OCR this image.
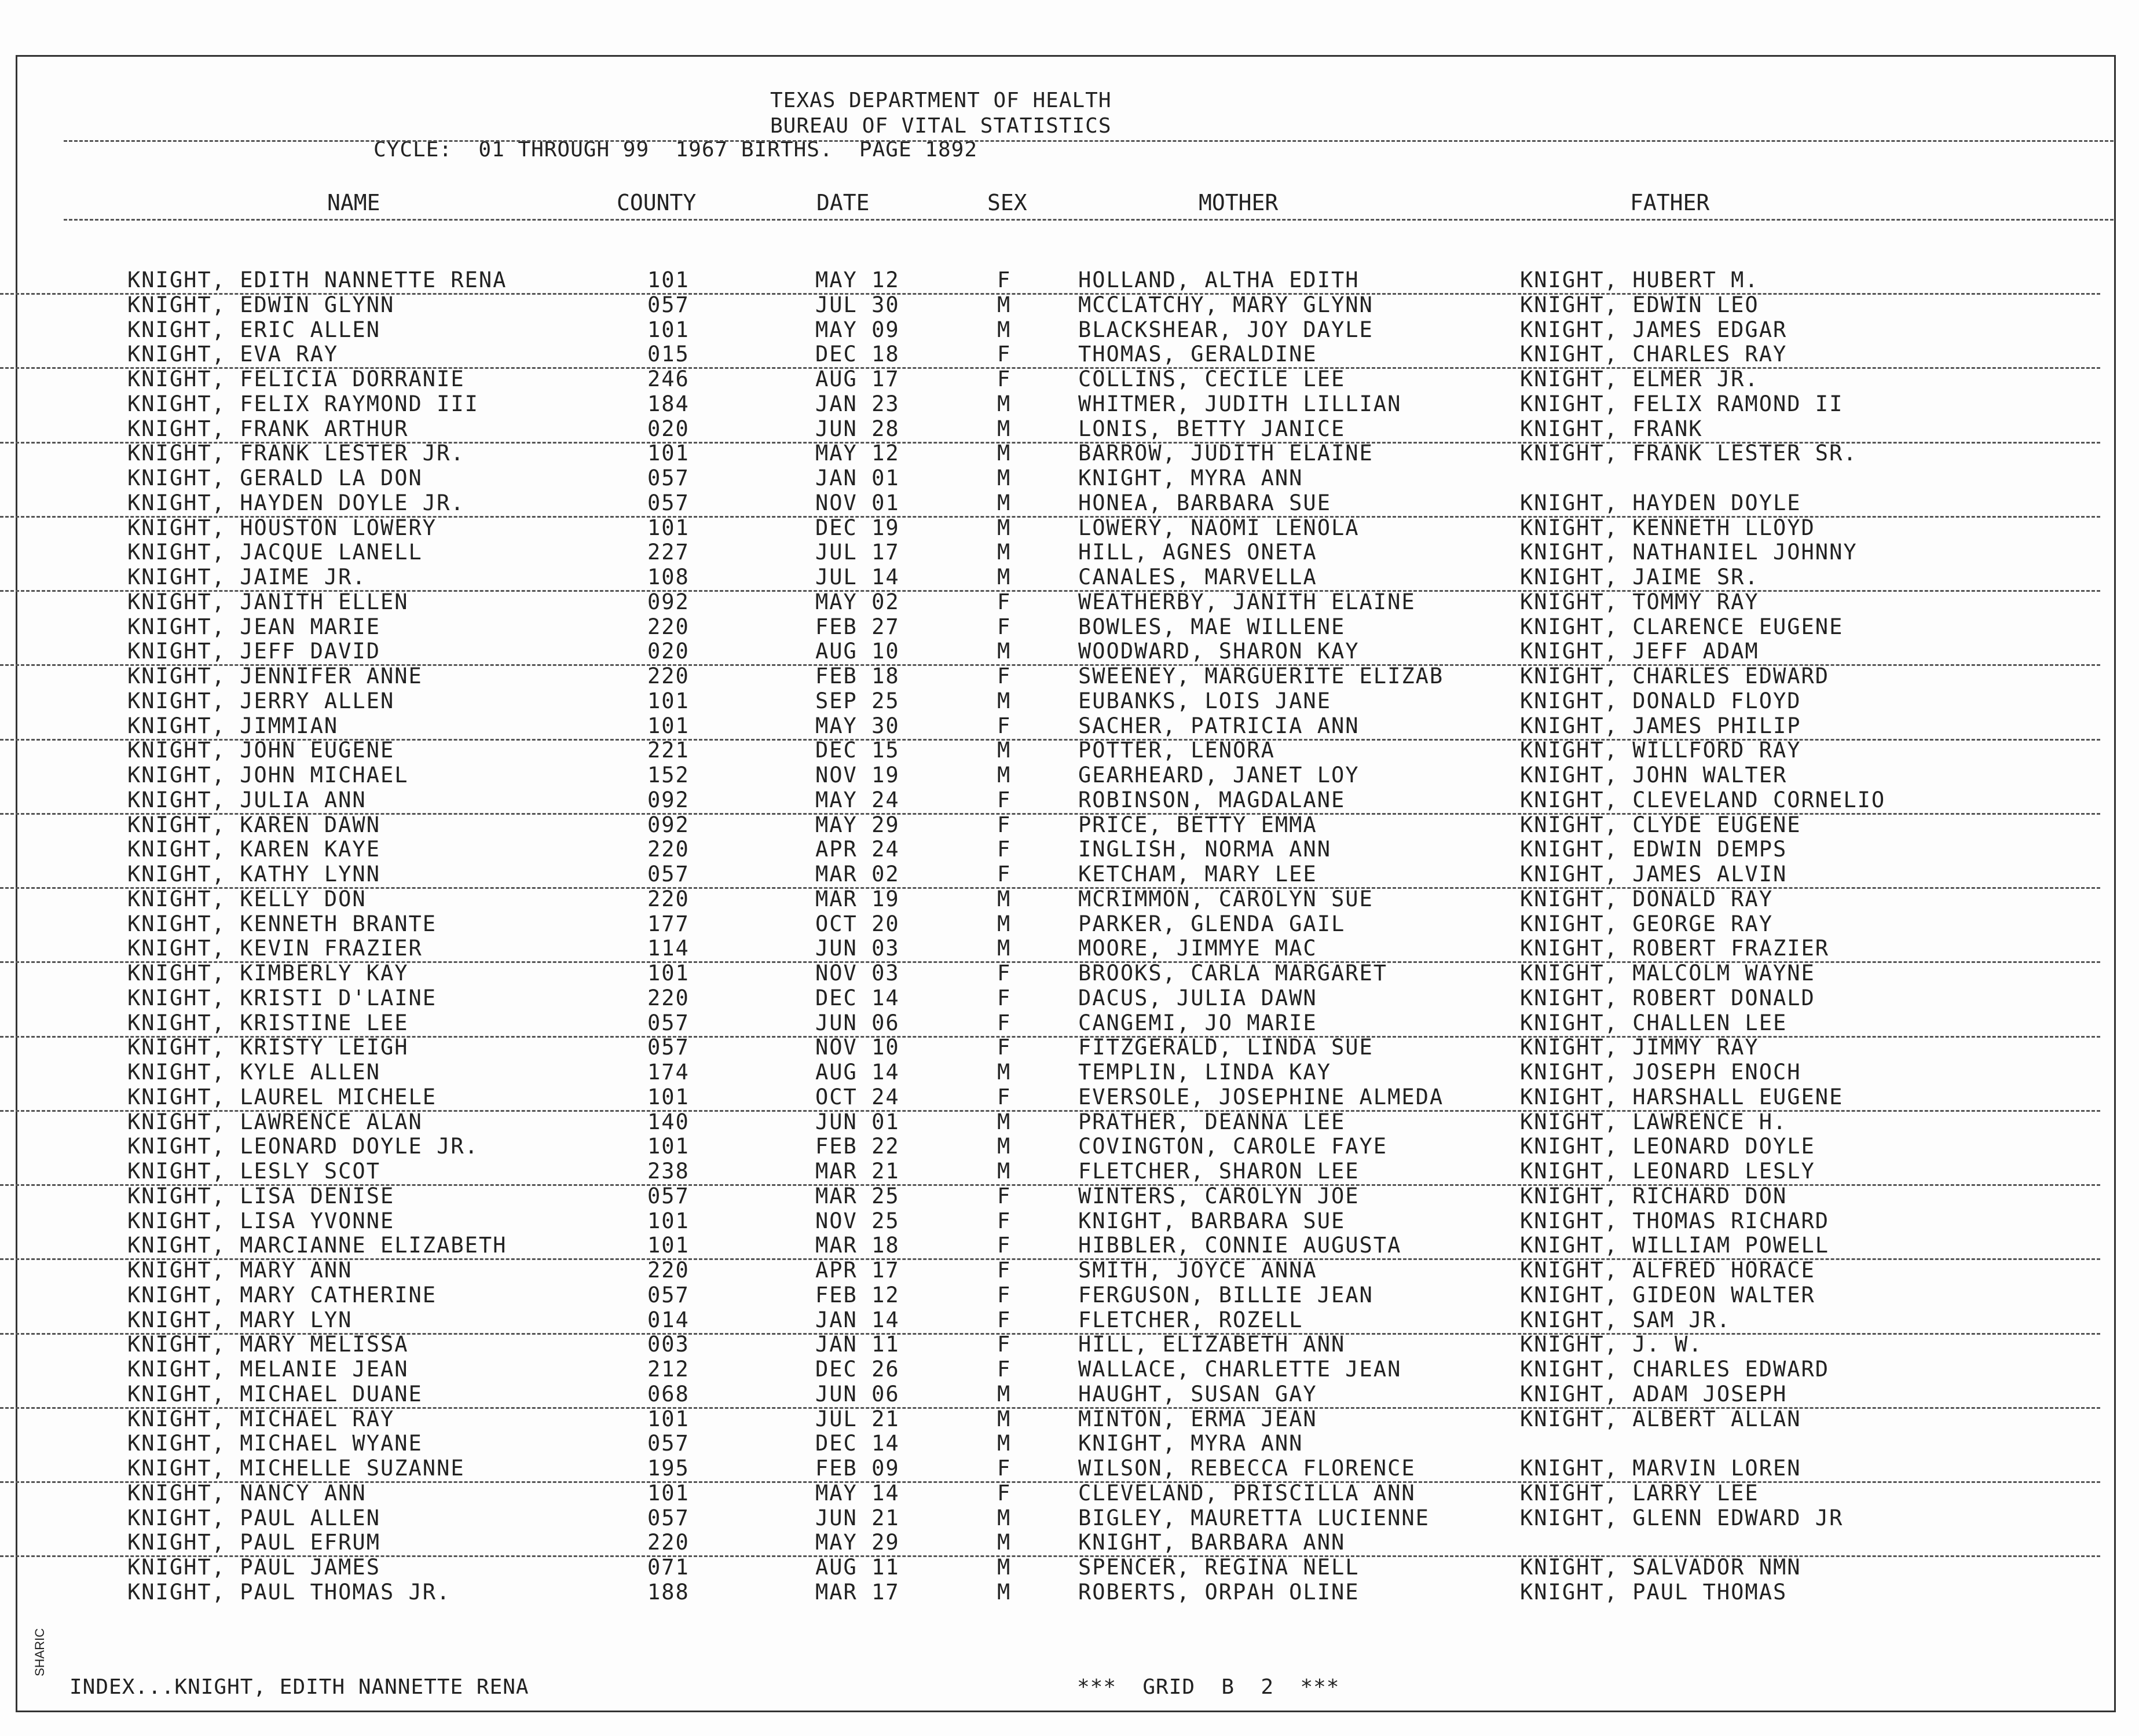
TEXAS DEPARTMENT OF HEALTH
BUREAU OF VITAL STATISTICS
CYCLE:  01 THROUGH 99  1967 BIRTHS.  PAGE 1892
NAME	COUNTY	DATE	SEX	MOTHER	FATHER
KNIGHT, EDITH NANNETTE RENA	101	MAY 12	F	HOLLAND, ALTHA EDITH	KNIGHT, HUBERT M.
KNIGHT, EDWIN GLYNN	057	JUL 30	M	MCCLATCHY, MARY GLYNN	KNIGHT, EDWIN LEO
KNIGHT, ERIC ALLEN	101	MAY 09	M	BLACKSHEAR, JOY DAYLE	KNIGHT, JAMES EDGAR
KNIGHT, EVA RAY	015	DEC 18	F	THOMAS, GERALDINE	KNIGHT, CHARLES RAY
KNIGHT, FELICIA DORRANIE	246	AUG 17	F	COLLINS, CECILE LEE	KNIGHT, ELMER JR.
KNIGHT, FELIX RAYMOND III	184	JAN 23	M	WHITMER, JUDITH LILLIAN	KNIGHT, FELIX RAMOND II
KNIGHT, FRANK ARTHUR	020	JUN 28	M	LONIS, BETTY JANICE	KNIGHT, FRANK
KNIGHT, FRANK LESTER JR.	101	MAY 12	M	BARROW, JUDITH ELAINE	KNIGHT, FRANK LESTER SR.
KNIGHT, GERALD LA DON	057	JAN 01	M	KNIGHT, MYRA ANN
KNIGHT, HAYDEN DOYLE JR.	057	NOV 01	M	HONEA, BARBARA SUE	KNIGHT, HAYDEN DOYLE
KNIGHT, HOUSTON LOWERY	101	DEC 19	M	LOWERY, NAOMI LENOLA	KNIGHT, KENNETH LLOYD
KNIGHT, JACQUE LANELL	227	JUL 17	M	HILL, AGNES ONETA	KNIGHT, NATHANIEL JOHNNY
KNIGHT, JAIME JR.	108	JUL 14	M	CANALES, MARVELLA	KNIGHT, JAIME SR.
KNIGHT, JANITH ELLEN	092	MAY 02	F	WEATHERBY, JANITH ELAINE	KNIGHT, TOMMY RAY
KNIGHT, JEAN MARIE	220	FEB 27	F	BOWLES, MAE WILLENE	KNIGHT, CLARENCE EUGENE
KNIGHT, JEFF DAVID	020	AUG 10	M	WOODWARD, SHARON KAY	KNIGHT, JEFF ADAM
KNIGHT, JENNIFER ANNE	220	FEB 18	F	SWEENEY, MARGUERITE ELIZAB	KNIGHT, CHARLES EDWARD
KNIGHT, JERRY ALLEN	101	SEP 25	M	EUBANKS, LOIS JANE	KNIGHT, DONALD FLOYD
KNIGHT, JIMMIAN	101	MAY 30	F	SACHER, PATRICIA ANN	KNIGHT, JAMES PHILIP
KNIGHT, JOHN EUGENE	221	DEC 15	M	POTTER, LENORA	KNIGHT, WILLFORD RAY
KNIGHT, JOHN MICHAEL	152	NOV 19	M	GEARHEARD, JANET LOY	KNIGHT, JOHN WALTER
KNIGHT, JULIA ANN	092	MAY 24	F	ROBINSON, MAGDALANE	KNIGHT, CLEVELAND CORNELIO
KNIGHT, KAREN DAWN	092	MAY 29	F	PRICE, BETTY EMMA	KNIGHT, CLYDE EUGENE
KNIGHT, KAREN KAYE	220	APR 24	F	INGLISH, NORMA ANN	KNIGHT, EDWIN DEMPS
KNIGHT, KATHY LYNN	057	MAR 02	F	KETCHAM, MARY LEE	KNIGHT, JAMES ALVIN
KNIGHT, KELLY DON	220	MAR 19	M	MCRIMMON, CAROLYN SUE	KNIGHT, DONALD RAY
KNIGHT, KENNETH BRANTE	177	OCT 20	M	PARKER, GLENDA GAIL	KNIGHT, GEORGE RAY
KNIGHT, KEVIN FRAZIER	114	JUN 03	M	MOORE, JIMMYE MAC	KNIGHT, ROBERT FRAZIER
KNIGHT, KIMBERLY KAY	101	NOV 03	F	BROOKS, CARLA MARGARET	KNIGHT, MALCOLM WAYNE
KNIGHT, KRISTI D'LAINE	220	DEC 14	F	DACUS, JULIA DAWN	KNIGHT, ROBERT DONALD
KNIGHT, KRISTINE LEE	057	JUN 06	F	CANGEMI, JO MARIE	KNIGHT, CHALLEN LEE
KNIGHT, KRISTY LEIGH	057	NOV 10	F	FITZGERALD, LINDA SUE	KNIGHT, JIMMY RAY
KNIGHT, KYLE ALLEN	174	AUG 14	M	TEMPLIN, LINDA KAY	KNIGHT, JOSEPH ENOCH
KNIGHT, LAUREL MICHELE	101	OCT 24	F	EVERSOLE, JOSEPHINE ALMEDA	KNIGHT, HARSHALL EUGENE
KNIGHT, LAWRENCE ALAN	140	JUN 01	M	PRATHER, DEANNA LEE	KNIGHT, LAWRENCE H.
KNIGHT, LEONARD DOYLE JR.	101	FEB 22	M	COVINGTON, CAROLE FAYE	KNIGHT, LEONARD DOYLE
KNIGHT, LESLY SCOT	238	MAR 21	M	FLETCHER, SHARON LEE	KNIGHT, LEONARD LESLY
KNIGHT, LISA DENISE	057	MAR 25	F	WINTERS, CAROLYN JOE	KNIGHT, RICHARD DON
KNIGHT, LISA YVONNE	101	NOV 25	F	KNIGHT, BARBARA SUE	KNIGHT, THOMAS RICHARD
KNIGHT, MARCIANNE ELIZABETH	101	MAR 18	F	HIBBLER, CONNIE AUGUSTA	KNIGHT, WILLIAM POWELL
KNIGHT, MARY ANN	220	APR 17	F	SMITH, JOYCE ANNA	KNIGHT, ALFRED HORACE
KNIGHT, MARY CATHERINE	057	FEB 12	F	FERGUSON, BILLIE JEAN	KNIGHT, GIDEON WALTER
KNIGHT, MARY LYN	014	JAN 14	F	FLETCHER, ROZELL	KNIGHT, SAM JR.
KNIGHT, MARY MELISSA	003	JAN 11	F	HILL, ELIZABETH ANN	KNIGHT, J. W.
KNIGHT, MELANIE JEAN	212	DEC 26	F	WALLACE, CHARLETTE JEAN	KNIGHT, CHARLES EDWARD
KNIGHT, MICHAEL DUANE	068	JUN 06	M	HAUGHT, SUSAN GAY	KNIGHT, ADAM JOSEPH
KNIGHT, MICHAEL RAY	101	JUL 21	M	MINTON, ERMA JEAN	KNIGHT, ALBERT ALLAN
KNIGHT, MICHAEL WYANE	057	DEC 14	M	KNIGHT, MYRA ANN
KNIGHT, MICHELLE SUZANNE	195	FEB 09	F	WILSON, REBECCA FLORENCE	KNIGHT, MARVIN LOREN
KNIGHT, NANCY ANN	101	MAY 14	F	CLEVELAND, PRISCILLA ANN	KNIGHT, LARRY LEE
KNIGHT, PAUL ALLEN	057	JUN 21	M	BIGLEY, MAURETTA LUCIENNE	KNIGHT, GLENN EDWARD JR
KNIGHT, PAUL EFRUM	220	MAY 29	M	KNIGHT, BARBARA ANN
KNIGHT, PAUL JAMES	071	AUG 11	M	SPENCER, REGINA NELL	KNIGHT, SALVADOR NMN
KNIGHT, PAUL THOMAS JR.	188	MAR 17	M	ROBERTS, ORPAH OLINE	KNIGHT, PAUL THOMAS
INDEX...KNIGHT, EDITH NANNETTE RENA	***  GRID  B  2  ***
SHARIC
